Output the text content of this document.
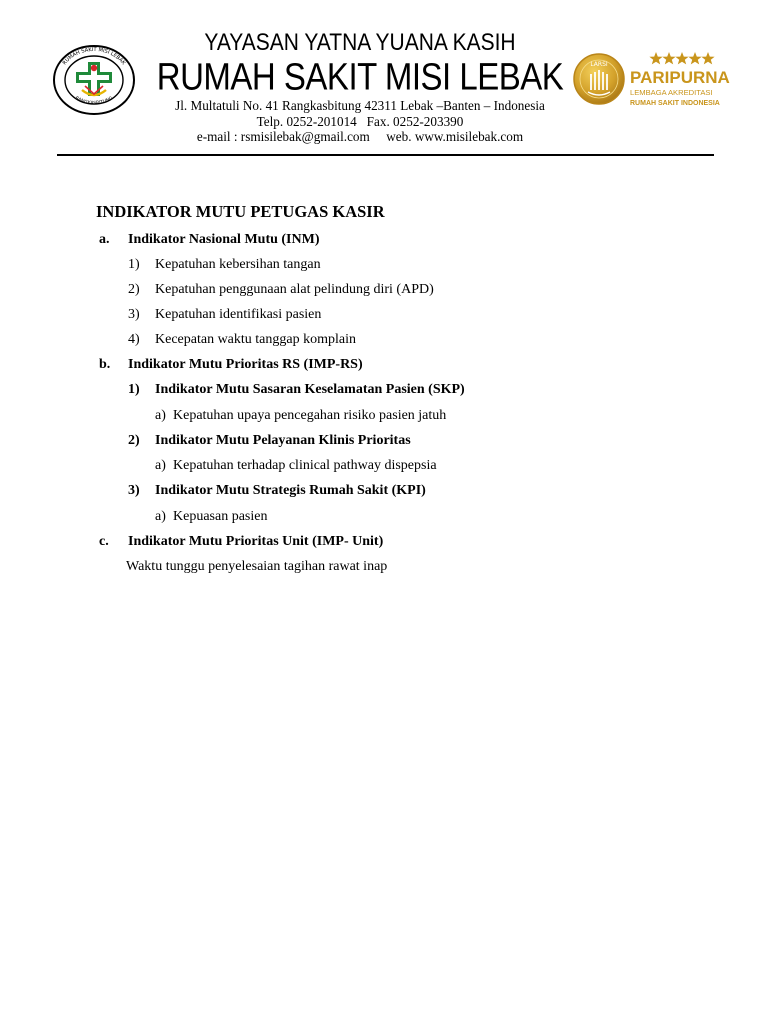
RUMAH SAKIT MISI LEBAK
RANGKASBITUNG

YAYASAN YATNA YUANA KASIH

RUMAH SAKIT MISI LEBAK

Jl. Multatuli No. 41 Rangkasbitung 42311 Lebak –Banten – Indonesia

Telp. 0252-201014   Fax. 0252-203390

e-mail : rsmisilebak@gmail.com     web. www.misilebak.com

LARSI
PARIPURNA
LEMBAGA AKREDITASI
RUMAH SAKIT INDONESIA
INDIKATOR MUTU PETUGAS KASIR
a. Indikator Nasional Mutu (INM)
1) Kepatuhan kebersihan tangan
2) Kepatuhan penggunaan alat pelindung diri (APD)
3) Kepatuhan identifikasi pasien
4) Kecepatan waktu tanggap komplain
b. Indikator Mutu Prioritas RS (IMP-RS)
1) Indikator Mutu Sasaran Keselamatan Pasien (SKP)
a) Kepatuhan upaya pencegahan risiko pasien jatuh
2) Indikator Mutu Pelayanan Klinis Prioritas
a) Kepatuhan terhadap clinical pathway dispepsia
3) Indikator Mutu Strategis Rumah Sakit (KPI)
a) Kepuasan pasien
c. Indikator Mutu Prioritas Unit (IMP- Unit)
Waktu tunggu penyelesaian tagihan rawat inap
